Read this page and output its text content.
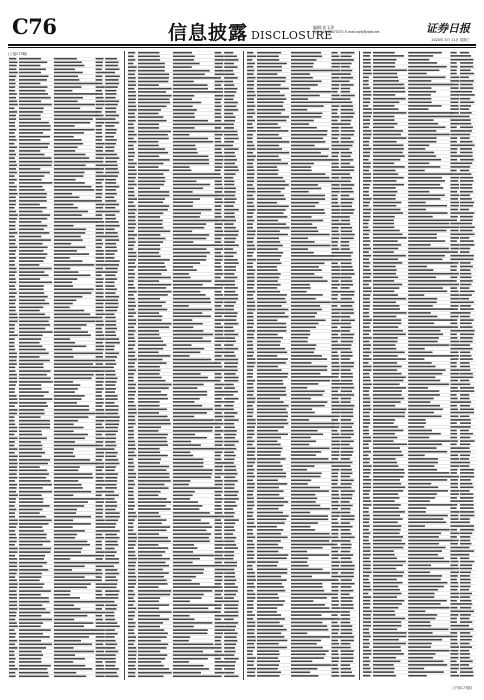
C76	信息披露 DISCLOSURE
编辑:张玉萍
电话:010-63070371 E-mail:zqrb@zqrb.net	证券日报
2020年 3月 11日 星期三
(上接C75版)
(下转C77版)
